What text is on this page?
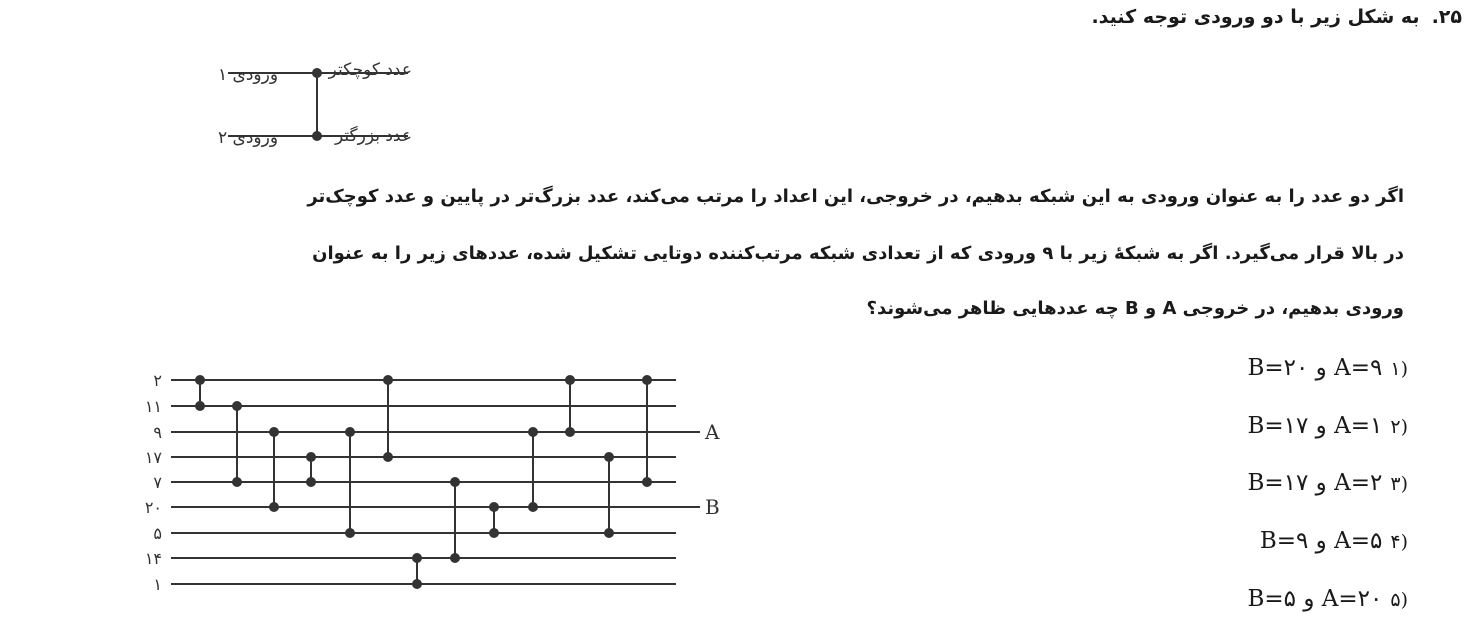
۲۵.
به شکل زیر با دو ورودی توجه کنید.
ورودی ۱
ورودی ۲
عدد کوچکتر
عدد بزرگتر
اگر دو عدد را به عنوان ورودی به این شبکه بدهیم، در خروجی، این اعداد را مرتب می‌کند، عدد بزرگ‌تر در پایین و عدد کوچک‌تر
در بالا قرار می‌گیرد. اگر به شبکهٔ زیر با ۹ ورودی که از تعدادی شبکه مرتب‌کننده دوتایی تشکیل شده، عددهای زیر را به عنوان
ورودی بدهیم، در خروجی A و B چه عددهایی ظاهر می‌شوند؟
۲
۱۱
۹
۱۷
۷
۲۰
۵
۱۴
۱
A
B
(۱
A=۹ و B=۲۰
(۲
A=۱ و B=۱۷
(۳
A=۲ و B=۱۷
(۴
A=۵ و B=۹
(۵
A=۲۰ و B=۵
